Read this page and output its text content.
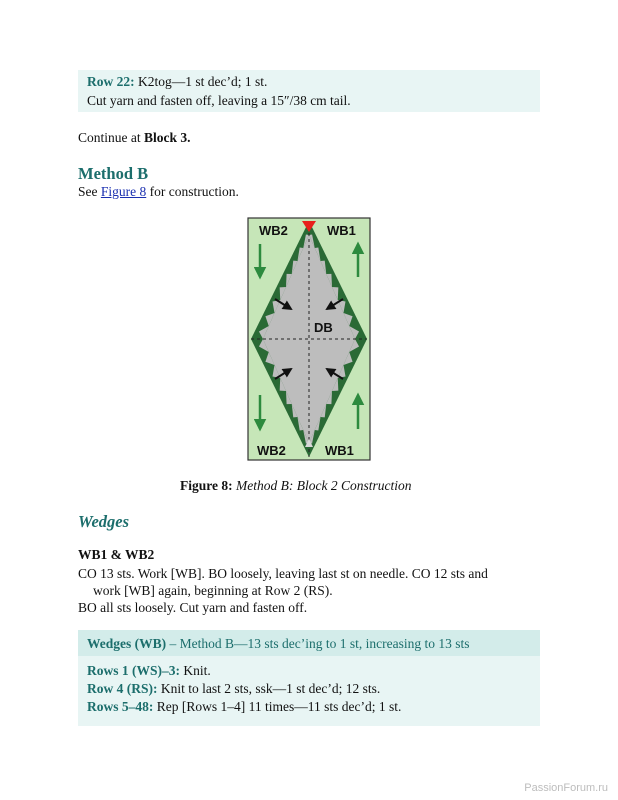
Row 22: K2tog—1 st dec’d; 1 st.
Cut yarn and fasten off, leaving a 15″/38 cm tail.
Continue at Block 3.
Method B
See Figure 8 for construction.
WB2	WB1
DB
WB2	WB1
Figure 8: Method B: Block 2 Construction
Wedges
WB1 & WB2
CO 13 sts. Work [WB]. BO loosely, leaving last st on needle. CO 12 sts and
work [WB] again, beginning at Row 2 (RS).
BO all sts loosely. Cut yarn and fasten off.
Wedges (WB) – Method B—13 sts dec’ing to 1 st, increasing to 13 sts
Rows 1 (WS)–3: Knit.
Row 4 (RS): Knit to last 2 sts, ssk—1 st dec’d; 12 sts.
Rows 5–48: Rep [Rows 1–4] 11 times—11 sts dec’d; 1 st.
PassionForum.ru
